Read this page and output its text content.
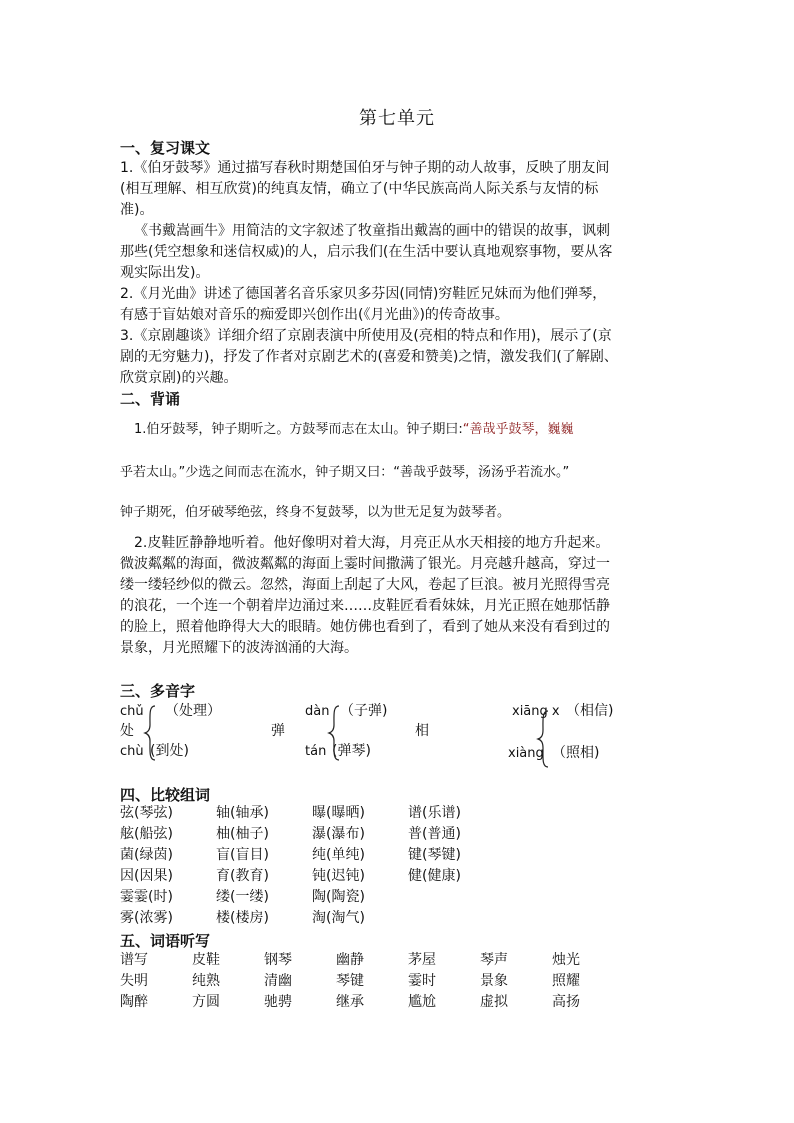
第七单元
一、复习课文

1.《伯牙鼓琴》通过描写春秋时期楚国伯牙与钟子期的动人故事，反映了朋友间

(相互理解、相互欣赏)的纯真友情，确立了(中华民族高尚人际关系与友情的标

准)。

《书戴嵩画牛》用简洁的文字叙述了牧童指出戴嵩的画中的错误的故事，讽刺

那些(凭空想象和迷信权威)的人，启示我们(在生活中要认真地观察事物，要从客

观实际出发)。

2.《月光曲》讲述了德国著名音乐家贝多芬因(同情)穷鞋匠兄妹而为他们弹琴，

有感于盲姑娘对音乐的痴爱即兴创作出(《月光曲》)的传奇故事。

3.《京剧趣谈》详细介绍了京剧表演中所使用及(亮相的特点和作用)，展示了(京

剧的无穷魅力)，抒发了作者对京剧艺术的(喜爱和赞美)之情，激发我们(了解剧、

欣赏京剧)的兴趣。

二、背诵
1.伯牙鼓琴，钟子期听之。方鼓琴而志在太山。钟子期曰:“善哉乎鼓琴，巍巍
乎若太山。”少选之间而志在流水，钟子期又曰：“善哉乎鼓琴，汤汤乎若流水。”
钟子期死，伯牙破琴绝弦，终身不复鼓琴，以为世无足复为鼓琴者。

2.皮鞋匠静静地听着。他好像明对着大海，月亮正从水天相接的地方升起来。

微波粼粼的海面，微波粼粼的海面上霎时间撒满了银光。月亮越升越高，穿过一

缕一缕轻纱似的微云。忽然，海面上刮起了大风，卷起了巨浪。被月光照得雪亮

的浪花，一个连一个朝着岸边涌过来……皮鞋匠看看妹妹，月光正照在她那恬静

的脸上，照着他睁得大大的眼睛。她仿佛也看到了，看到了她从来没有看到过的

景象，月光照耀下的波涛汹涌的大海。

三、多音字
chǔ （处理）
处
chù (到处)
弹
dàn （子弹)
tán (弹琴)
相
xiāng x （相信)
xiàng （照相)
四、比较组词
弦(琴弦)	轴(轴承)	曝(曝晒)	谱(乐谱)
舷(船弦)	柚(柚子)	瀑(瀑布)	普(普通)
菌(绿茵)	盲(盲目)	纯(单纯)	键(琴键)
因(因果)	育(教育)	钝(迟钝)	健(健康)
霎霎(时)	缕(一缕)	陶(陶瓷)
雾(浓雾)	楼(楼房)	淘(淘气)
五、词语听写
谱写	皮鞋	钢琴	幽静	茅屋	琴声	烛光
失明	纯熟	清幽	琴键	霎时	景象	照耀
陶醉	方圆	驰骋	继承	尴尬	虚拟	高扬
